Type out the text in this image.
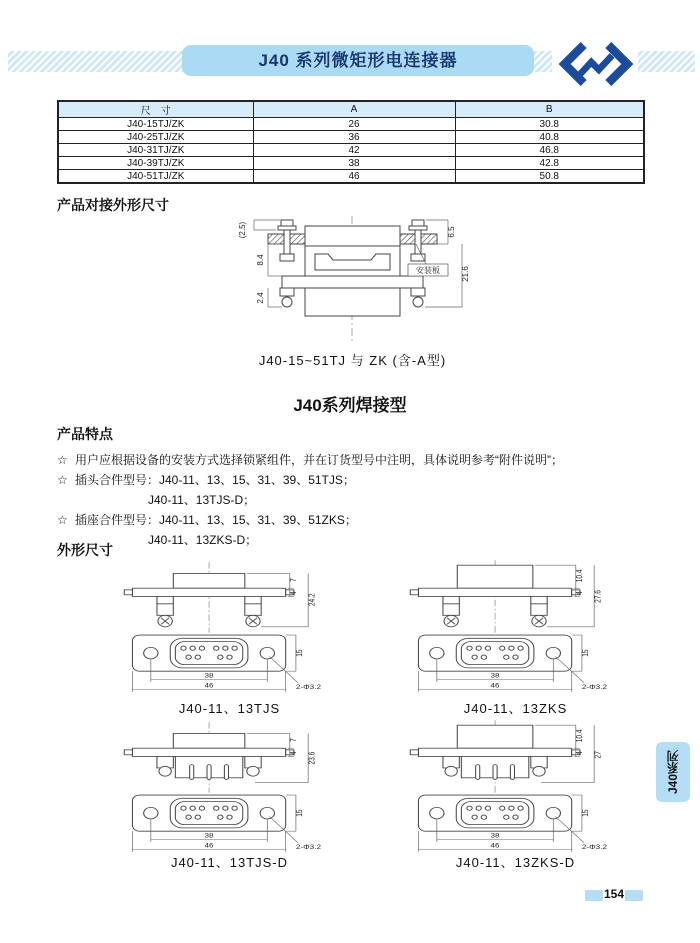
J40 系列微矩形电连接器
尺　寸	A	B
J40-15TJ/ZK	26	30.8
J40-25TJ/ZK	36	40.8
J40-31TJ/ZK	42	46.8
J40-39TJ/ZK	38	42.8
J40-51TJ/ZK	46	50.8
产品对接外形尺寸
(2.5)
8.4
2.4
6.5
21.6
安装板
J40-15~51TJ 与 ZK (含-A型)
J40系列焊接型
产品特点
☆ 用户应根据设备的安装方式选择锁紧组件，并在订货型号中注明，具体说明参考“附件说明”；
☆ 插头合件型号：J40-11、13、15、31、39、51TJS；
J40-11、13TJS-D；
☆ 插座合件型号：J40-11、13、15、31、39、51ZKS；
J40-11、13ZKS-D；
外形尺寸
7
4
24.2
15
38
46	2-Φ3.2
J40-11、13TJS
10.4
4 27.6
15
38
46	2-Φ3.2
J40-11、13ZKS
7
4 23.6
15
38
46	2-Φ3.2
J40-11、13TJS-D
10.4
4 27
15
38
46	2-Φ3.2
J40-11、13ZKS-D
J40系列
154
